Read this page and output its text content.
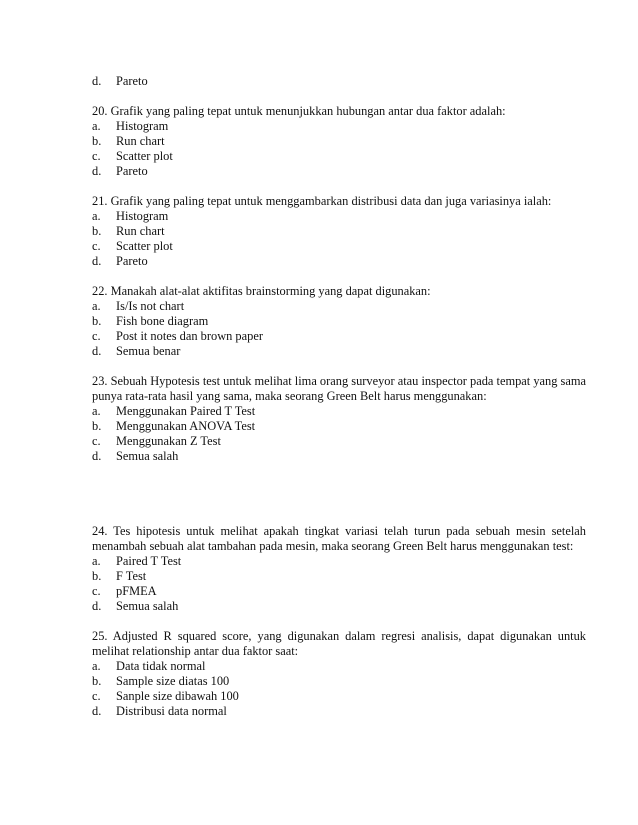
d.	Pareto
20. Grafik yang paling tepat untuk menunjukkan hubungan antar dua faktor adalah:
a.	Histogram
b.	Run chart
c.	Scatter plot
d.	Pareto
21. Grafik yang paling tepat untuk menggambarkan distribusi data dan juga variasinya ialah:
a.	Histogram
b.	Run chart
c.	Scatter plot
d.	Pareto
22. Manakah alat-alat aktifitas brainstorming yang dapat digunakan:
a.	Is/Is not chart
b.	Fish bone diagram
c.	Post it notes dan brown paper
d.	Semua benar
23. Sebuah Hypotesis test untuk melihat lima orang surveyor atau inspector pada tempat yang sama punya rata-rata hasil yang sama, maka seorang Green Belt harus menggunakan:
a.	Menggunakan Paired T Test
b.	Menggunakan ANOVA Test
c.	Menggunakan Z Test
d.	Semua salah
24. Tes hipotesis untuk melihat apakah tingkat variasi telah turun pada sebuah mesin setelah menambah sebuah alat tambahan pada mesin, maka seorang Green Belt harus menggunakan test:
a.	Paired T Test
b.	F Test
c.	pFMEA
d.	Semua salah
25. Adjusted R squared score, yang digunakan dalam regresi analisis, dapat digunakan untuk melihat relationship antar dua faktor saat:
a.	Data tidak normal
b.	Sample size diatas 100
c.	Sanple size dibawah 100
d.	Distribusi data normal
